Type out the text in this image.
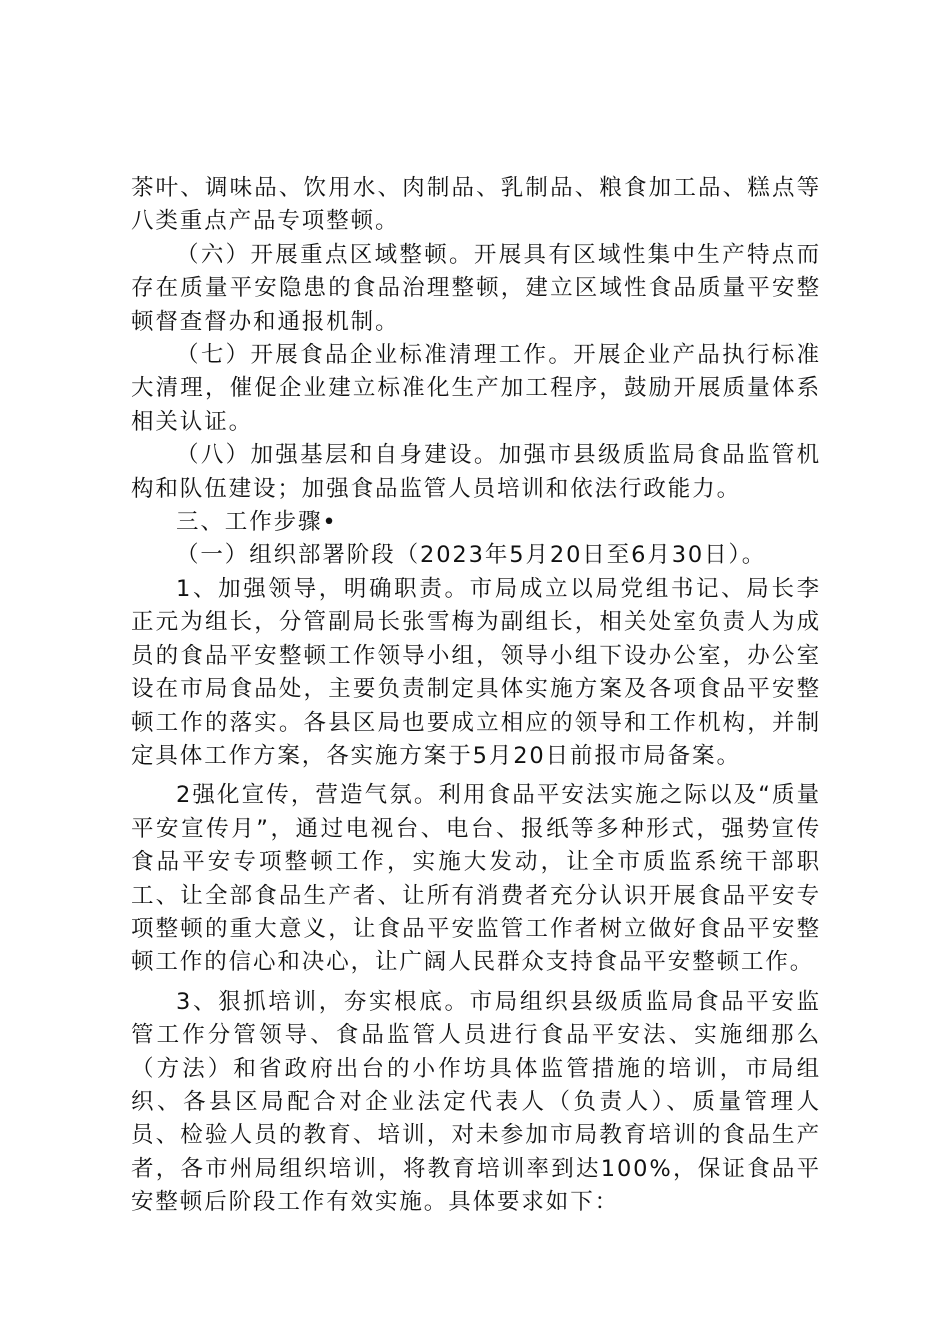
茶叶、调味品、饮用水、肉制品、乳制品、粮食加工品、糕点等八类重点产品专项整顿。

（六）开展重点区域整顿。开展具有区域性集中生产特点而存在质量平安隐患的食品治理整顿，建立区域性食品质量平安整顿督查督办和通报机制。

（七）开展食品企业标准清理工作。开展企业产品执行标准大清理，催促企业建立标准化生产加工程序，鼓励开展质量体系相关认证。

（八）加强基层和自身建设。加强市县级质监局食品监管机构和队伍建设；加强食品监管人员培训和依法行政能力。

三、工作步骤•

（一）组织部署阶段（2023年5月20日至6月30日）。

1、加强领导，明确职责。市局成立以局党组书记、局长李正元为组长，分管副局长张雪梅为副组长，相关处室负责人为成员的食品平安整顿工作领导小组，领导小组下设办公室，办公室设在市局食品处，主要负责制定具体实施方案及各项食品平安整顿工作的落实。各县区局也要成立相应的领导和工作机构，并制定具体工作方案，各实施方案于5月20日前报市局备案。

2强化宣传，营造气氛。利用食品平安法实施之际以及“质量平安宣传月”，通过电视台、电台、报纸等多种形式，强势宣传食品平安专项整顿工作，实施大发动，让全市质监系统干部职工、让全部食品生产者、让所有消费者充分认识开展食品平安专项整顿的重大意义，让食品平安监管工作者树立做好食品平安整顿工作的信心和决心，让广阔人民群众支持食品平安整顿工作。

3、狠抓培训，夯实根底。市局组织县级质监局食品平安监管工作分管领导、食品监管人员进行食品平安法、实施细那么（方法）和省政府出台的小作坊具体监管措施的培训，市局组织、各县区局配合对企业法定代表人（负责人）、质量管理人员、检验人员的教育、培训，对未参加市局教育培训的食品生产者，各市州局组织培训，将教育培训率到达100%，保证食品平安整顿后阶段工作有效实施。具体要求如下：
